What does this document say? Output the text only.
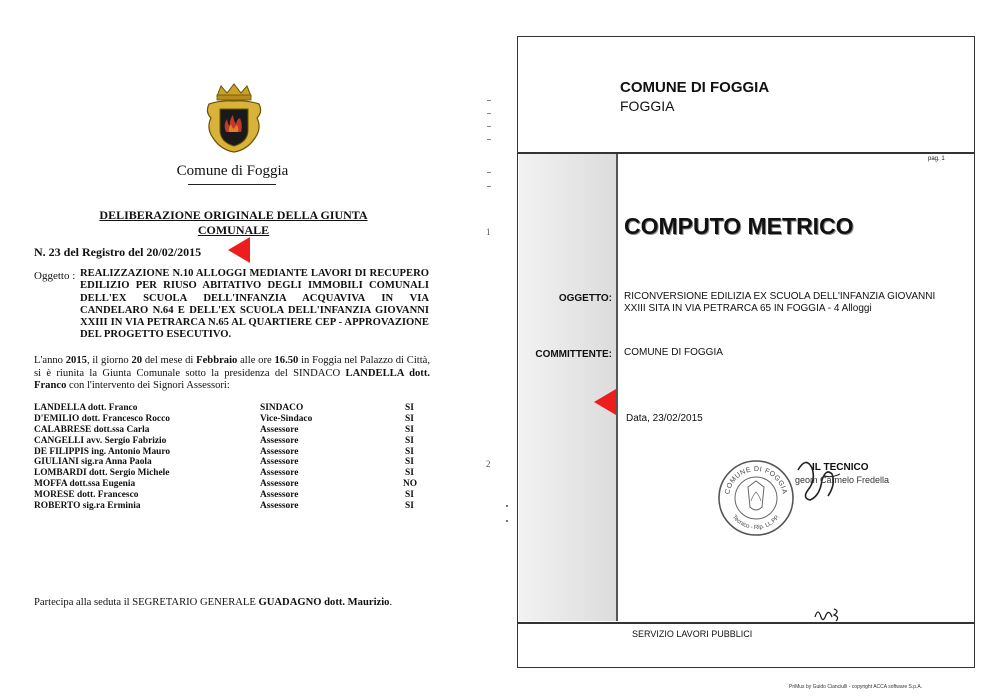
Comune di Foggia
DELIBERAZIONE ORIGINALE DELLA GIUNTA COMUNALE
N. 23 del Registro del 20/02/2015
Oggetto : REALIZZAZIONE N.10 ALLOGGI MEDIANTE LAVORI DI RECUPERO EDILIZIO PER RIUSO ABITATIVO DEGLI IMMOBILI COMUNALI DELL'EX SCUOLA DELL'INFANZIA ACQUAVIVA IN VIA CANDELARO N.64 E DELL'EX SCUOLA DELL'INFANZIA GIOVANNI XXIII IN VIA PETRARCA N.65 AL QUARTIERE CEP - APPROVAZIONE DEL PROGETTO ESECUTIVO.
L'anno 2015, il giorno 20 del mese di Febbraio alle ore 16.50 in Foggia nel Palazzo di Città, si è riunita la Giunta Comunale sotto la presidenza del SINDACO LANDELLA dott. Franco con l'intervento dei Signori Assessori:
LANDELLA dott. Franco	SINDACO	SI
D'EMILIO dott. Francesco Rocco	Vice-Sindaco	SI
CALABRESE dott.ssa Carla	Assessore	SI
CANGELLI avv. Sergio Fabrizio	Assessore	SI
DE FILIPPIS ing. Antonio Mauro	Assessore	SI
GIULIANI sig.ra Anna Paola	Assessore	SI
LOMBARDI dott. Sergio Michele	Assessore	SI
MOFFA dott.ssa Eugenia	Assessore	NO
MORESE dott. Francesco	Assessore	SI
ROBERTO sig.ra Erminia	Assessore	SI
Partecipa alla seduta il SEGRETARIO GENERALE GUADAGNO dott. Maurizio.
1
2
COMUNE DI FOGGIA
FOGGIA
pag. 1
COMPUTO METRICO
OGGETTO: RICONVERSIONE EDILIZIA EX SCUOLA DELL'INFANZIA GIOVANNI XXIII SITA IN VIA PETRARCA 65 IN FOGGIA - 4 Alloggi
COMMITTENTE: COMUNE DI FOGGIA
Data, 23/02/2015
COMUNE DI FOGGIA
Tecnico - Rip. LL.PP.
IL TECNICO
geom Carmelo Fredella
SERVIZIO LAVORI PUBBLICI
PriMus by Guido Cianciulli - copyright ACCA software S.p.A.
